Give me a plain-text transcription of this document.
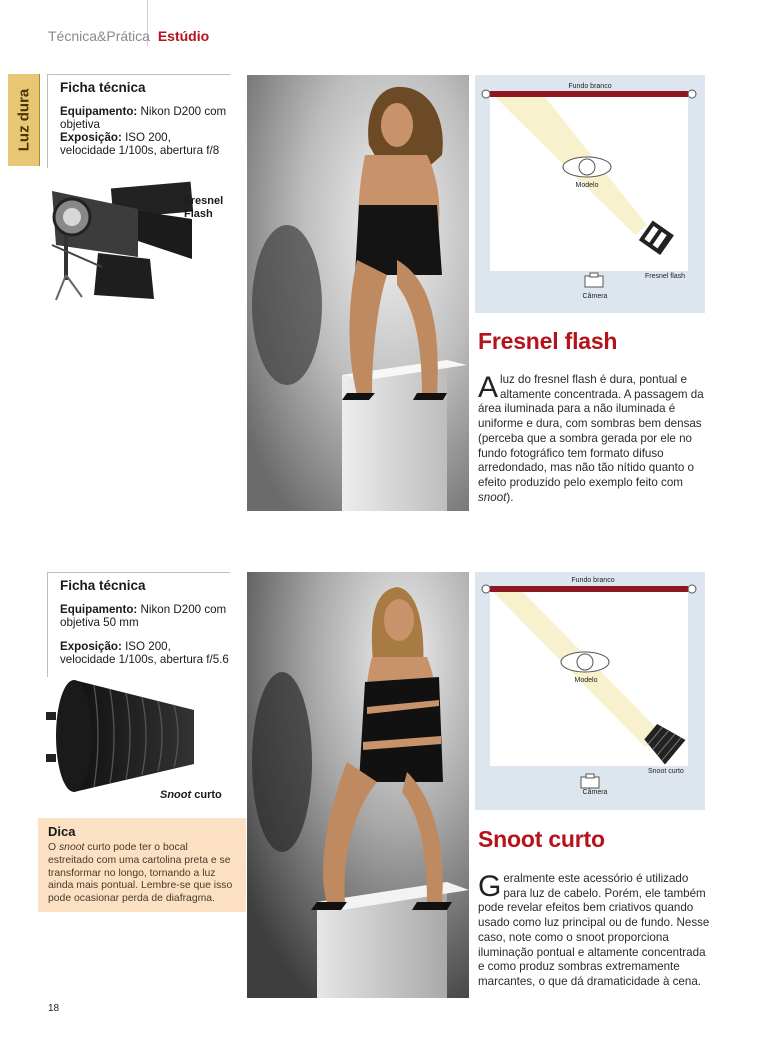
Técnica&Prática Estúdio
Luz dura
Ficha técnica

Equipamento: Nikon D200 com objetiva

Exposição: ISO 200, velocidade 1/100s, abertura f/8

Fresnel
Flash
Fundo branco
Modelo
Fresnel flash
Câmera
Fresnel flash
Aluz do fresnel flash é dura, pontual e altamente concentrada. A passagem da área iluminada para a não iluminada é uniforme e dura, com sombras bem densas (perceba que a sombra gerada por ele no fundo fotográfico tem formato difuso arredondado, mas não tão nítido quanto o efeito produzido pelo exemplo feito com snoot).
Ficha técnica

Equipamento: Nikon D200 com objetiva 50 mm

Exposição: ISO 200, velocidade 1/100s, abertura f/5.6

Snoot curto
Dica

O snoot curto pode ter o bocal estreitado com uma cartolina preta e se transformar no longo, tornando a luz ainda mais pontual. Lembre-se que isso pode ocasionar perda de diafragma.

Fundo branco
Modelo
Snoot curto
Câmera
Snoot curto
Geralmente este acessório é utilizado para luz de cabelo. Porém, ele também pode revelar efeitos bem criativos quando usado como luz principal ou de fundo. Nesse caso, note como o snoot proporciona iluminação pontual e altamente concentrada e como produz sombras extremamente marcantes, o que dá dramaticidade à cena.
18
